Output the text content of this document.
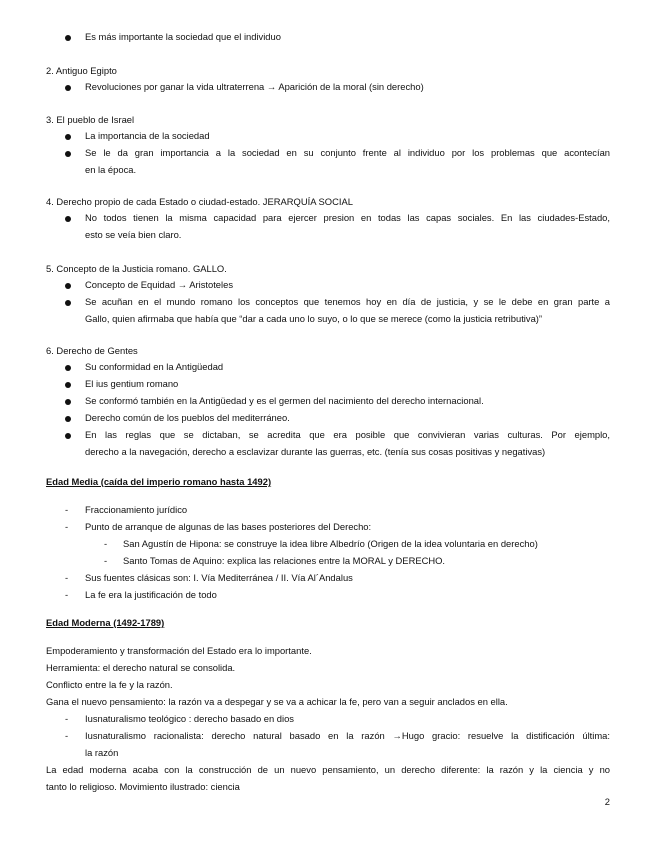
Es más importante la sociedad que el individuo
2. Antiguo Egipto
Revoluciones por ganar la vida ultraterrena → Aparición de la moral (sin derecho)
3. El pueblo de Israel
La importancia de la sociedad
Se le da gran importancia a la sociedad en su conjunto frente al individuo por los problemas que acontecían
en la época.
4. Derecho propio de cada Estado o ciudad-estado. JERARQUÍA SOCIAL
No todos tienen la misma capacidad para ejercer presion en todas las capas sociales. En las ciudades-Estado,
esto se veía bien claro.
5. Concepto de la Justicia romano. GALLO.
Concepto de Equidad → Aristoteles
Se acuñan en el mundo romano los conceptos que tenemos hoy en día de justicia, y se le debe en gran parte a
Gallo, quien afirmaba que había que “dar a cada uno lo suyo, o lo que se merece (como la justicia retributiva)”
6. Derecho de Gentes
Su conformidad en la Antigüedad
El ius gentium romano
Se conformó también en la Antigüedad y es el germen del nacimiento del derecho internacional.
Derecho común de los pueblos del mediterráneo.
En las reglas que se dictaban, se acredita que era posible que convivieran varias culturas. Por ejemplo,
derecho a la navegación, derecho a esclavizar durante las guerras, etc. (tenía sus cosas positivas y negativas)
Edad Media (caída del imperio romano hasta 1492)
- Fraccionamiento jurídico
- Punto de arranque de algunas de las bases posteriores del Derecho:
- San Agustín de Hipona: se construye la idea libre Albedrío (Origen de la idea voluntaria en derecho)
- Santo Tomas de Aquino: explica las relaciones entre la MORAL y DERECHO.
- Sus fuentes clásicas son: I. Vía Mediterránea / II. Vía Al´Andalus
- La fe era la justificación de todo
Edad Moderna (1492-1789)
Empoderamiento y transformación del Estado era lo importante.
Herramienta: el derecho natural se consolida.
Conflicto entre la fe y la razón.
Gana el nuevo pensamiento: la razón va a despegar y se va a achicar la fe, pero van a seguir anclados en ella.
- Iusnaturalismo teológico : derecho basado en dios
- Iusnaturalismo racionalista: derecho natural basado en la razón →Hugo gracio: resuelve la distificación última:
la razón
La edad moderna acaba con la construcción de un nuevo pensamiento, un derecho diferente: la razón y la ciencia y no
tanto lo religioso. Movimiento ilustrado: ciencia
2
